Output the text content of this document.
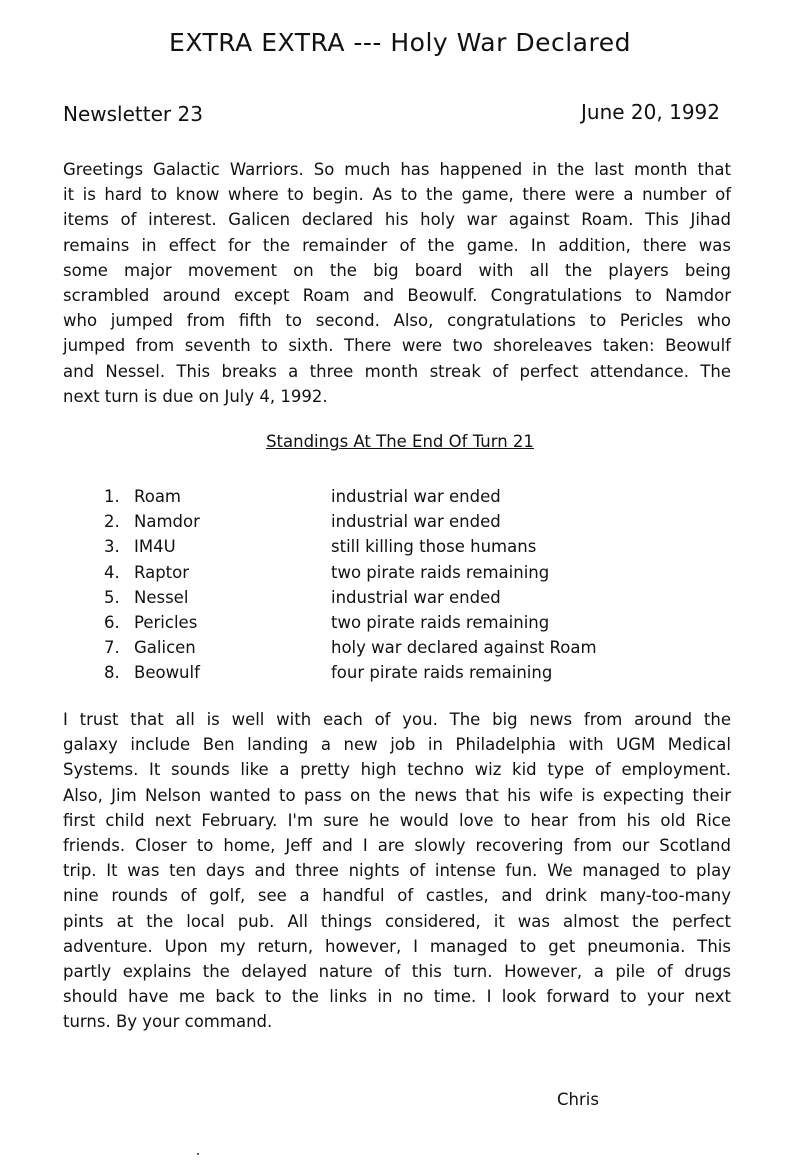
EXTRA EXTRA --- Holy War Declared
Newsletter 23	June 20, 1992
Greetings Galactic Warriors. So much has happened in the last month that
it is hard to know where to begin. As to the game, there were a number of
items of interest. Galicen declared his holy war against Roam. This Jihad
remains in effect for the remainder of the game. In addition, there was
some major movement on the big board with all the players being
scrambled around except Roam and Beowulf. Congratulations to Namdor
who jumped from fifth to second. Also, congratulations to Pericles who
jumped from seventh to sixth. There were two shoreleaves taken: Beowulf
and Nessel. This breaks a three month streak of perfect attendance. The
next turn is due on July 4, 1992.
Standings At The End Of Turn 21
1. Roam	industrial war ended
2. Namdor	industrial war ended
3. IM4U	still killing those humans
4. Raptor	two pirate raids remaining
5. Nessel	industrial war ended
6. Pericles	two pirate raids remaining
7. Galicen	holy war declared against Roam
8. Beowulf	four pirate raids remaining
I trust that all is well with each of you. The big news from around the
galaxy include Ben landing a new job in Philadelphia with UGM Medical
Systems. It sounds like a pretty high techno wiz kid type of employment.
Also, Jim Nelson wanted to pass on the news that his wife is expecting their
first child next February. I'm sure he would love to hear from his old Rice
friends. Closer to home, Jeff and I are slowly recovering from our Scotland
trip. It was ten days and three nights of intense fun. We managed to play
nine rounds of golf, see a handful of castles, and drink many-too-many
pints at the local pub. All things considered, it was almost the perfect
adventure. Upon my return, however, I managed to get pneumonia. This
partly explains the delayed nature of this turn. However, a pile of drugs
should have me back to the links in no time. I look forward to your next
turns. By your command.
Chris
